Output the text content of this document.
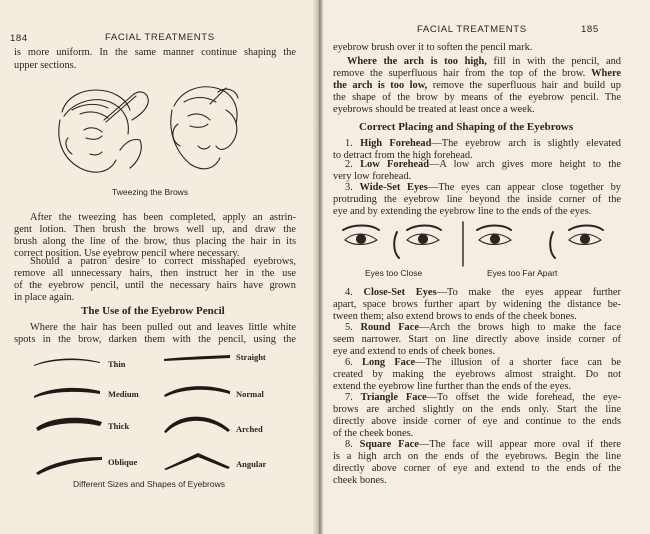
184	FACIAL TREATMENTS
is more uniform. In the same manner continue shaping the
upper sections.
Tweezing the Brows
After the tweezing has been completed, apply an astrin-
gent lotion. Then brush the brows well up, and draw the
brush along the line of the brow, thus placing the hair in its
correct position. Use eyebrow pencil where necessary.
Should a patron desire to correct misshaped eyebrows,
remove all unnecessary hairs, then instruct her in the use
of the eyebrow pencil, until the necessary hairs have grown
in place again.
The Use of the Eyebrow Pencil
Where the hair has been pulled out and leaves little white
spots in the brow, darken them with the pencil, using the
Thin
Medium
Thick
Oblique
Straight
Normal
Arched
Angular
Different Sizes and Shapes of Eyebrows
FACIAL TREATMENTS	185
eyebrow brush over it to soften the pencil mark.
Where the arch is too high, fill in with the pencil, and
remove the superfluous hair from the top of the brow. Where
the arch is too low, remove the superfluous hair and build up
the shape of the brow by means of the eyebrow pencil. The
eyebrows should be treated at least once a week.
Correct Placing and Shaping of the Eyebrows
1. High Forehead—The eyebrow arch is slightly elevated
to detract from the high forehead.
2. Low Forehead—A low arch gives more height to the
very low forehead.
3. Wide-Set Eyes—The eyes can appear close together by
protruding the eyebrow line beyond the inside corner of the
eye and by extending the eyebrow line to the ends of the eyes.
Eyes too Close	Eyes too Far Apart
4. Close-Set Eyes—To make the eyes appear further
apart, space brows further apart by widening the distance be-
tween them; also extend brows to ends of the cheek bones.
5. Round Face—Arch the brows high to make the face
seem narrower. Start on line directly above inside corner of
eye and extend to ends of cheek bones.
6. Long Face—The illusion of a shorter face can be
created by making the eyebrows almost straight. Do not
extend the eyebrow line further than the ends of the eyes.
7. Triangle Face—To offset the wide forehead, the eye-
brows are arched slightly on the ends only. Start the line
directly above inside corner of eye and continue to the ends
of the cheek bones.
8. Square Face—The face will appear more oval if there
is a high arch on the ends of the eyebrows. Begin the line
directly above corner of eye and extend to the ends of the
cheek bones.
